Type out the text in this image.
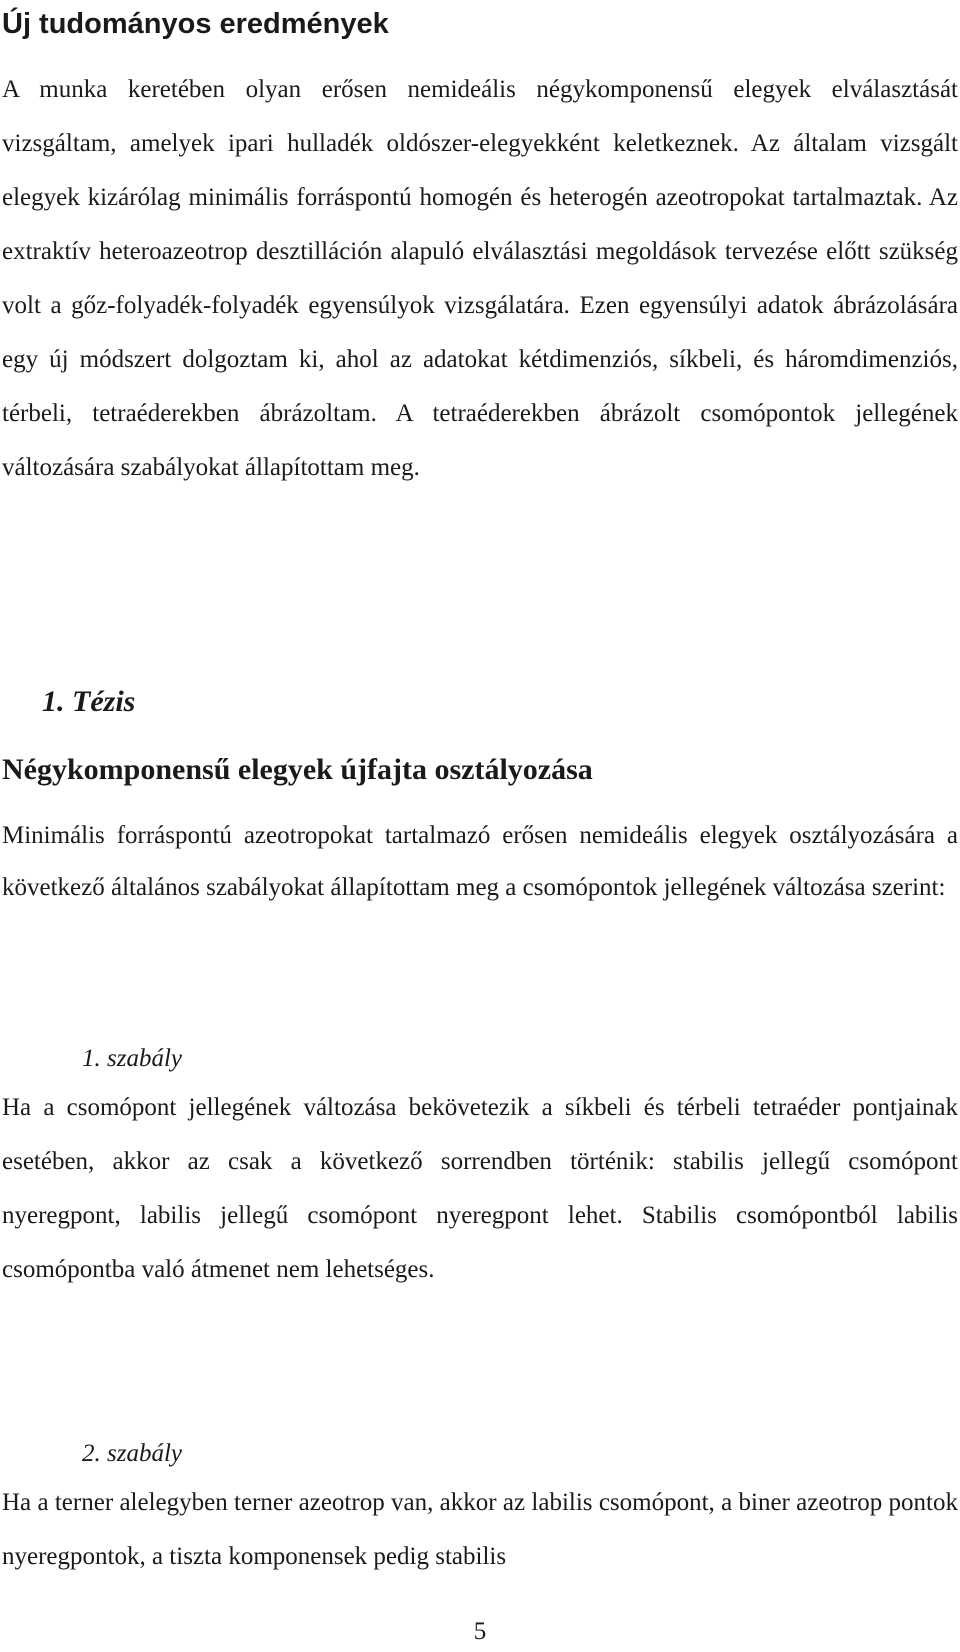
Új tudományos eredmények

A munka keretében olyan erősen nemideális négykomponensű elegyek elválasztását vizsgáltam, amelyek ipari hulladék oldószer-elegyekként keletkeznek. Az általam vizsgált elegyek kizárólag minimális forráspontú homogén és heterogén azeotropokat tartalmaztak. Az extraktív heteroazeotrop desztilláción alapuló elválasztási megoldások tervezése előtt szükség volt a gőz-folyadék-folyadék egyensúlyok vizsgálatára. Ezen egyensúlyi adatok ábrázolására egy új módszert dolgoztam ki, ahol az adatokat kétdimenziós, síkbeli, és háromdimenziós, térbeli, tetraéderekben ábrázoltam. A tetraéderekben ábrázolt csomópontok jellegének változására szabályokat állapítottam meg.

1. Tézis
Négykomponensű elegyek újfajta osztályozása

Minimális forráspontú azeotropokat tartalmazó erősen nemideális elegyek osztályozására a következő általános szabályokat állapítottam meg a csomópontok jellegének változása szerint:

1. szabály

Ha a csomópont jellegének változása bekövetezik a síkbeli és térbeli tetraéder pontjainak esetében, akkor az csak a következő sorrendben történik: stabilis jellegű csomópont nyeregpont, labilis jellegű csomópont nyeregpont lehet. Stabilis csomópontból labilis csomópontba való átmenet nem lehetséges.

2. szabály

Ha a terner alelegyben terner azeotrop van, akkor az labilis csomópont, a biner azeotrop pontok nyeregpontok, a tiszta komponensek pedig stabilis

5
